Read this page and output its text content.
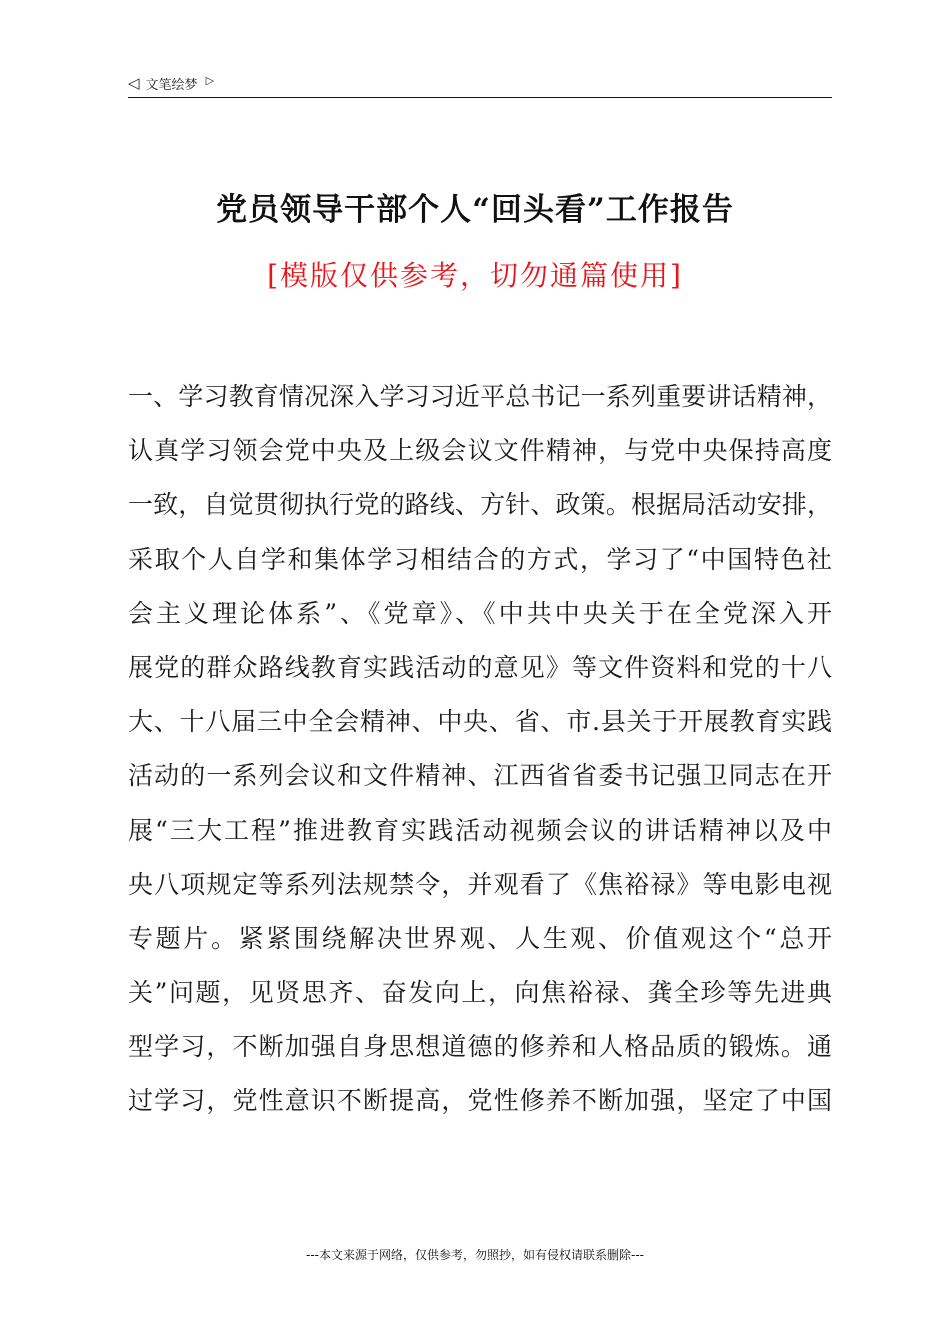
◁ 文笔绘梦 ▷
党员领导干部个人“回头看”工作报告
[模版仅供参考，切勿通篇使用]
一、学习教育情况深入学习习近平总书记一系列重要讲话精神，
认真学习领会党中央及上级会议文件精神，与党中央保持高度
一致，自觉贯彻执行党的路线、方针、政策。根据局活动安排，
采取个人自学和集体学习相结合的方式，学习了“中国特色社
会主义理论体系”、《党章》、《中共中央关于在全党深入开
展党的群众路线教育实践活动的意见》等文件资料和党的十八
大、十八届三中全会精神、中央、省、市.县关于开展教育实践
活动的一系列会议和文件精神、江西省省委书记强卫同志在开
展“三大工程”推进教育实践活动视频会议的讲话精神以及中
央八项规定等系列法规禁令，并观看了《焦裕禄》等电影电视
专题片。紧紧围绕解决世界观、人生观、价值观这个“总开
关”问题，见贤思齐、奋发向上，向焦裕禄、龚全珍等先进典
型学习，不断加强自身思想道德的修养和人格品质的锻炼。通
过学习，党性意识不断提高，党性修养不断加强，坚定了中国
---本文来源于网络，仅供参考，勿照抄，如有侵权请联系删除---
